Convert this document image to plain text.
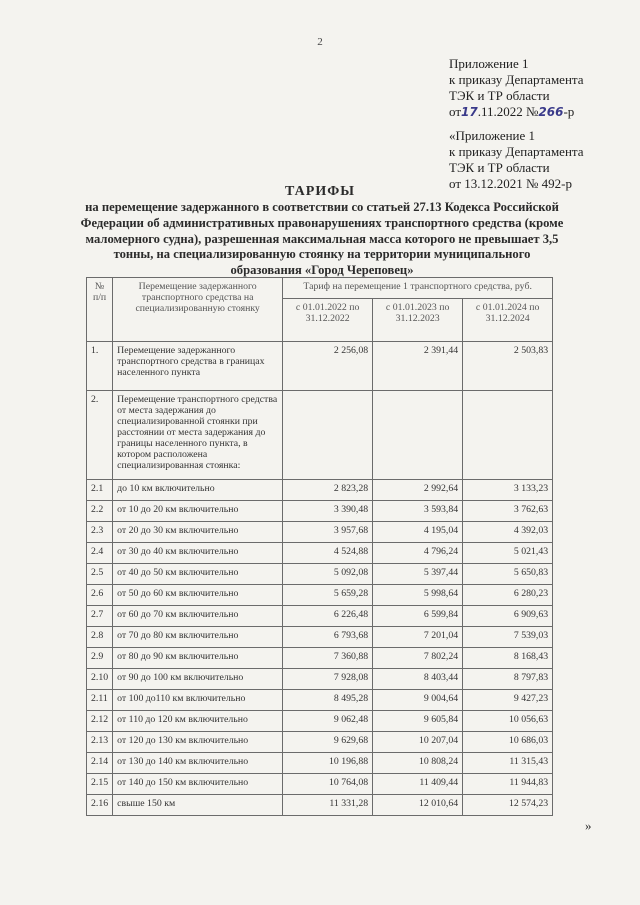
2
Приложение 1
к приказу Департамента
ТЭК и ТР области
от17.11.2022 №266-р
«Приложение 1
к приказу Департамента
ТЭК и ТР области
от 13.12.2021 № 492-р
ТАРИФЫ
на перемещение задержанного в соответствии со статьей 27.13 Кодекса Российской Федерации об административных правонарушениях транспортного средства (кроме маломерного судна), разрешенная максимальная масса которого не превышает 3,5 тонны, на специализированную стоянку на территории муниципального образования «Город Череповец»
№ п/п	Перемещение задержанного транспортного средства на специализированную стоянку	Тариф на перемещение 1 транспортного средства, руб.		
		с 01.01.2022 по 31.12.2022	с 01.01.2023 по 31.12.2023	с 01.01.2024 по 31.12.2024
1.	Перемещение задержанного транспортного средства в границах населенного пункта	2 256,08	2 391,44	2 503,83
2.	Перемещение транспортного средства от места задержания до специализированной стоянки при расстоянии от места задержания до границы населенного пункта, в котором расположена специализированная стоянка:			
2.1	до 10 км включительно	2 823,28	2 992,64	3 133,23
2.2	от 10 до 20 км включительно	3 390,48	3 593,84	3 762,63
2.3	от 20 до 30 км включительно	3 957,68	4 195,04	4 392,03
2.4	от 30 до 40 км включительно	4 524,88	4 796,24	5 021,43
2.5	от 40 до 50 км включительно	5 092,08	5 397,44	5 650,83
2.6	от 50 до 60 км включительно	5 659,28	5 998,64	6 280,23
2.7	от 60 до 70 км включительно	6 226,48	6 599,84	6 909,63
2.8	от 70 до 80 км включительно	6 793,68	7 201,04	7 539,03
2.9	от 80 до 90 км включительно	7 360,88	7 802,24	8 168,43
2.10	от 90 до 100 км включительно	7 928,08	8 403,44	8 797,83
2.11	от 100 до110 км включительно	8 495,28	9 004,64	9 427,23
2.12	от 110 до 120 км включительно	9 062,48	9 605,84	10 056,63
2.13	от 120 до 130 км включительно	9 629,68	10 207,04	10 686,03
2.14	от 130 до 140 км включительно	10 196,88	10 808,24	11 315,43
2.15	от 140 до 150 км включительно	10 764,08	11 409,44	11 944,83
2.16	свыше 150 км	11 331,28	12 010,64	12 574,23
»
